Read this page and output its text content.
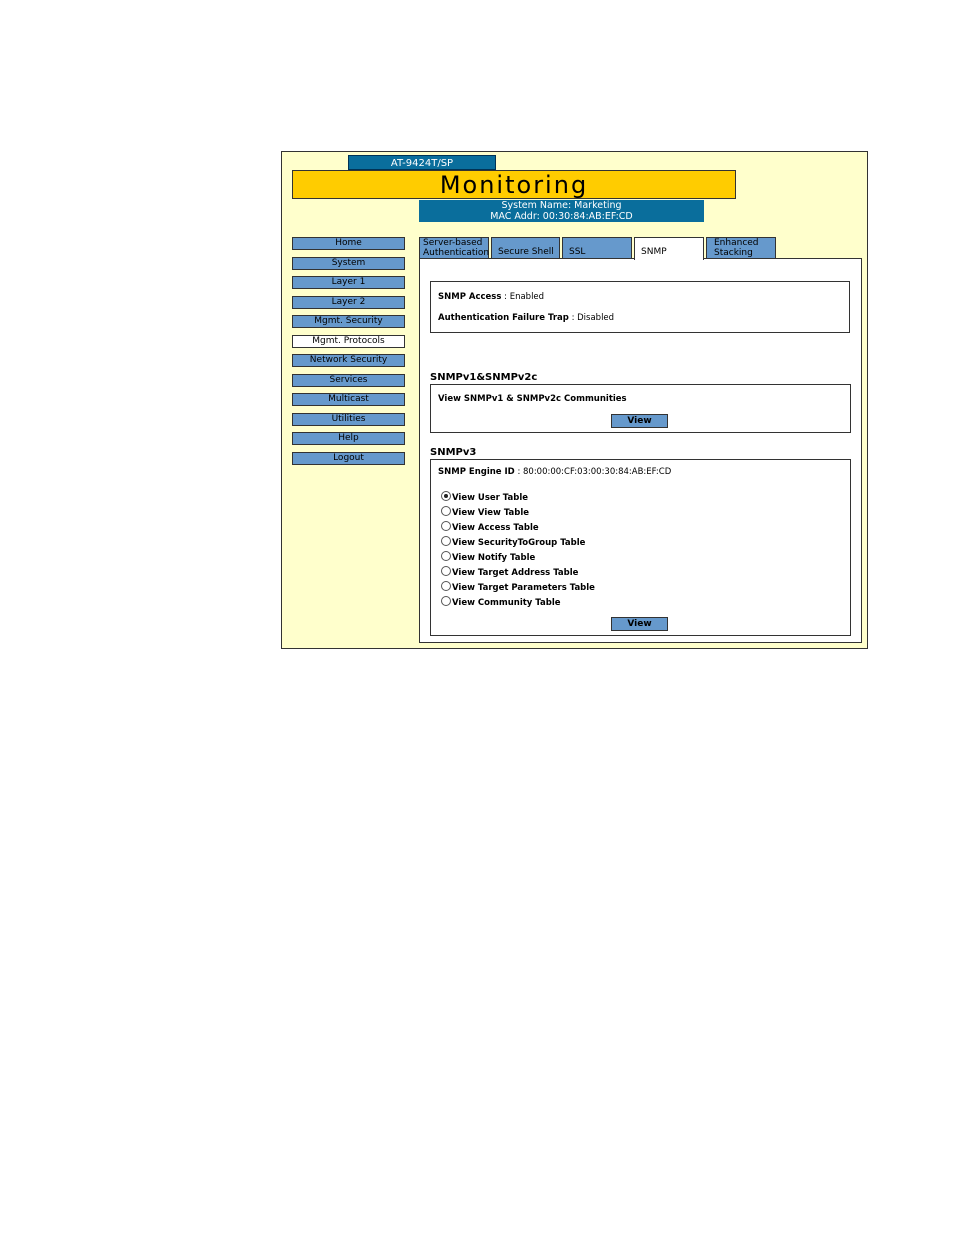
AT-9424T/SP
Monitoring
System Name: Marketing
MAC Addr: 00:30:84:AB:EF:CD
Home
System
Layer 1
Layer 2
Mgmt. Security
Mgmt. Protocols
Network Security
Services
Multicast
Utilities
Help
Logout
Server-based
Authentication Secure Shell	SSL	SNMP
Enhanced
Stacking
SNMP Access : Enabled
Authentication Failure Trap : Disabled
SNMPv1&SNMPv2c
View SNMPv1 & SNMPv2c Communities
View
SNMPv3
SNMP Engine ID : 80:00:00:CF:03:00:30:84:AB:EF:CD
View User Table
View View Table
View Access Table
View SecurityToGroup Table
View Notify Table
View Target Address Table
View Target Parameters Table
View Community Table
View
